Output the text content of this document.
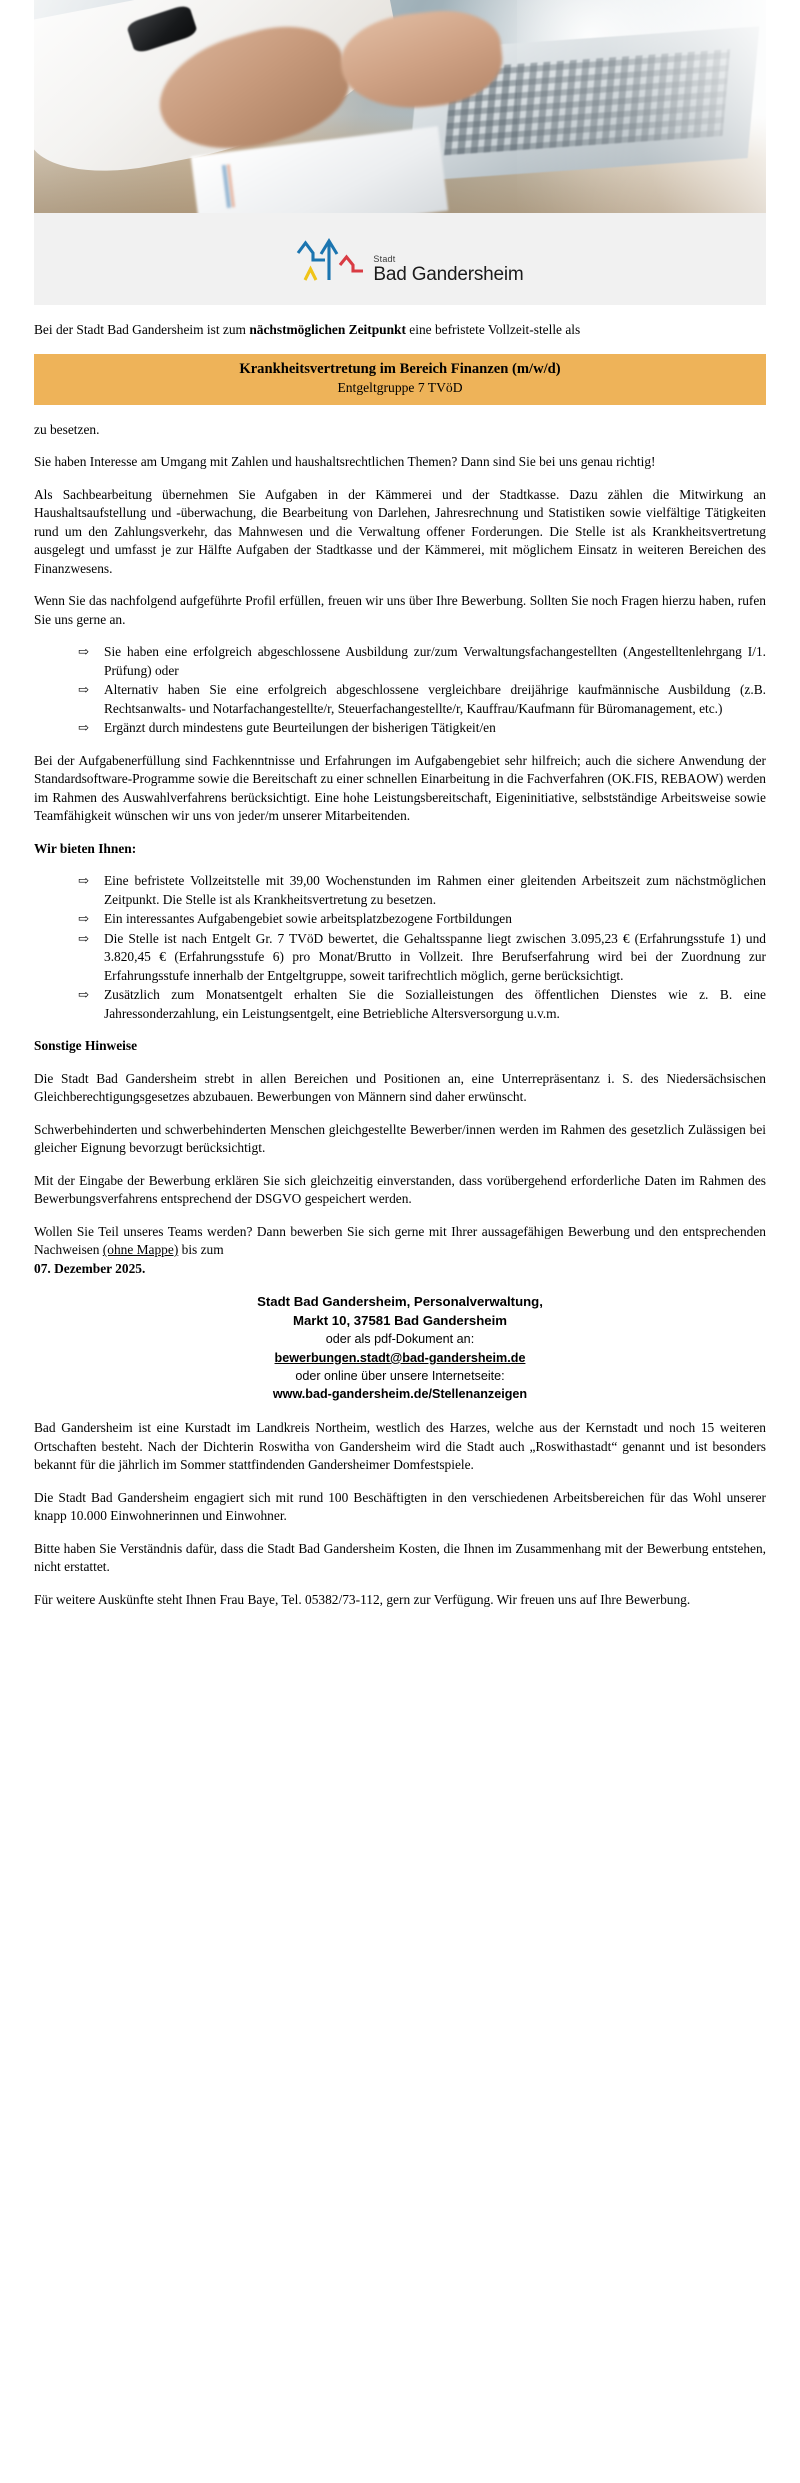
Stadt
Bad Gandersheim

Bei der Stadt Bad Gandersheim ist zum nächstmöglichen Zeitpunkt eine befristete Vollzeit-stelle als

Krankheitsvertretung im Bereich Finanzen (m/w/d)
Entgeltgruppe 7 TVöD

zu besetzen.

Sie haben Interesse am Umgang mit Zahlen und haushaltsrechtlichen Themen? Dann sind Sie bei uns genau richtig!

Als Sachbearbeitung übernehmen Sie Aufgaben in der Kämmerei und der Stadtkasse. Dazu zählen die Mitwirkung an Haushaltsaufstellung und -überwachung, die Bearbeitung von Darlehen, Jahresrechnung und Statistiken sowie vielfältige Tätigkeiten rund um den Zahlungsverkehr, das Mahnwesen und die Verwaltung offener Forderungen. Die Stelle ist als Krankheitsvertretung ausgelegt und umfasst je zur Hälfte Aufgaben der Stadtkasse und der Kämmerei, mit möglichem Einsatz in weiteren Bereichen des Finanzwesens.

Wenn Sie das nachfolgend aufgeführte Profil erfüllen, freuen wir uns über Ihre Bewerbung. Sollten Sie noch Fragen hierzu haben, rufen Sie uns gerne an.

⇨ Sie haben eine erfolgreich abgeschlossene Ausbildung zur/zum Verwaltungsfachangestellten (Angestelltenlehrgang I/1. Prüfung) oder
⇨ Alternativ haben Sie eine erfolgreich abgeschlossene vergleichbare dreijährige kaufmännische Ausbildung (z.B. Rechtsanwalts- und Notarfachangestellte/r, Steuerfachangestellte/r, Kauffrau/Kaufmann für Büromanagement, etc.)
⇨ Ergänzt durch mindestens gute Beurteilungen der bisherigen Tätigkeit/en

Bei der Aufgabenerfüllung sind Fachkenntnisse und Erfahrungen im Aufgabengebiet sehr hilfreich; auch die sichere Anwendung der Standardsoftware-Programme sowie die Bereitschaft zu einer schnellen Einarbeitung in die Fachverfahren (OK.FIS, REBAOW) werden im Rahmen des Auswahlverfahrens berücksichtigt. Eine hohe Leistungsbereitschaft, Eigeninitiative, selbstständige Arbeitsweise sowie Teamfähigkeit wünschen wir uns von jeder/m unserer Mitarbeitenden.

Wir bieten Ihnen:

⇨ Eine befristete Vollzeitstelle mit 39,00 Wochenstunden im Rahmen einer gleitenden Arbeitszeit zum nächstmöglichen Zeitpunkt. Die Stelle ist als Krankheitsvertretung zu besetzen.
⇨ Ein interessantes Aufgabengebiet sowie arbeitsplatzbezogene Fortbildungen
⇨ Die Stelle ist nach Entgelt Gr. 7 TVöD bewertet, die Gehaltsspanne liegt zwischen 3.095,23 € (Erfahrungsstufe 1) und 3.820,45 € (Erfahrungsstufe 6) pro Monat/Brutto in Vollzeit. Ihre Berufserfahrung wird bei der Zuordnung zur Erfahrungsstufe innerhalb der Entgeltgruppe, soweit tarifrechtlich möglich, gerne berücksichtigt.
⇨ Zusätzlich zum Monatsentgelt erhalten Sie die Sozialleistungen des öffentlichen Dienstes wie z. B. eine Jahressonderzahlung, ein Leistungsentgelt, eine Betriebliche Altersversorgung u.v.m.

Sonstige Hinweise

Die Stadt Bad Gandersheim strebt in allen Bereichen und Positionen an, eine Unterrepräsentanz i. S. des Niedersächsischen Gleichberechtigungsgesetzes abzubauen. Bewerbungen von Männern sind daher erwünscht.

Schwerbehinderten und schwerbehinderten Menschen gleichgestellte Bewerber/innen werden im Rahmen des gesetzlich Zulässigen bei gleicher Eignung bevorzugt berücksichtigt.

Mit der Eingabe der Bewerbung erklären Sie sich gleichzeitig einverstanden, dass vorübergehend erforderliche Daten im Rahmen des Bewerbungsverfahrens entsprechend der DSGVO gespeichert werden.

Wollen Sie Teil unseres Teams werden? Dann bewerben Sie sich gerne mit Ihrer aussagefähigen Bewerbung und den entsprechenden Nachweisen (ohne Mappe) bis zum
07. Dezember 2025.

Stadt Bad Gandersheim, Personalverwaltung,
Markt 10, 37581 Bad Gandersheim
oder als pdf-Dokument an:
bewerbungen.stadt@bad-gandersheim.de
oder online über unsere Internetseite:
www.bad-gandersheim.de/Stellenanzeigen

Bad Gandersheim ist eine Kurstadt im Landkreis Northeim, westlich des Harzes, welche aus der Kernstadt und noch 15 weiteren Ortschaften besteht. Nach der Dichterin Roswitha von Gandersheim wird die Stadt auch „Roswithastadt“ genannt und ist besonders bekannt für die jährlich im Sommer stattfindenden Gandersheimer Domfestspiele.

Die Stadt Bad Gandersheim engagiert sich mit rund 100 Beschäftigten in den verschiedenen Arbeitsbereichen für das Wohl unserer knapp 10.000 Einwohnerinnen und Einwohner.

Bitte haben Sie Verständnis dafür, dass die Stadt Bad Gandersheim Kosten, die Ihnen im Zusammenhang mit der Bewerbung entstehen, nicht erstattet.

Für weitere Auskünfte steht Ihnen Frau Baye, Tel. 05382/73-112, gern zur Verfügung. Wir freuen uns auf Ihre Bewerbung.
